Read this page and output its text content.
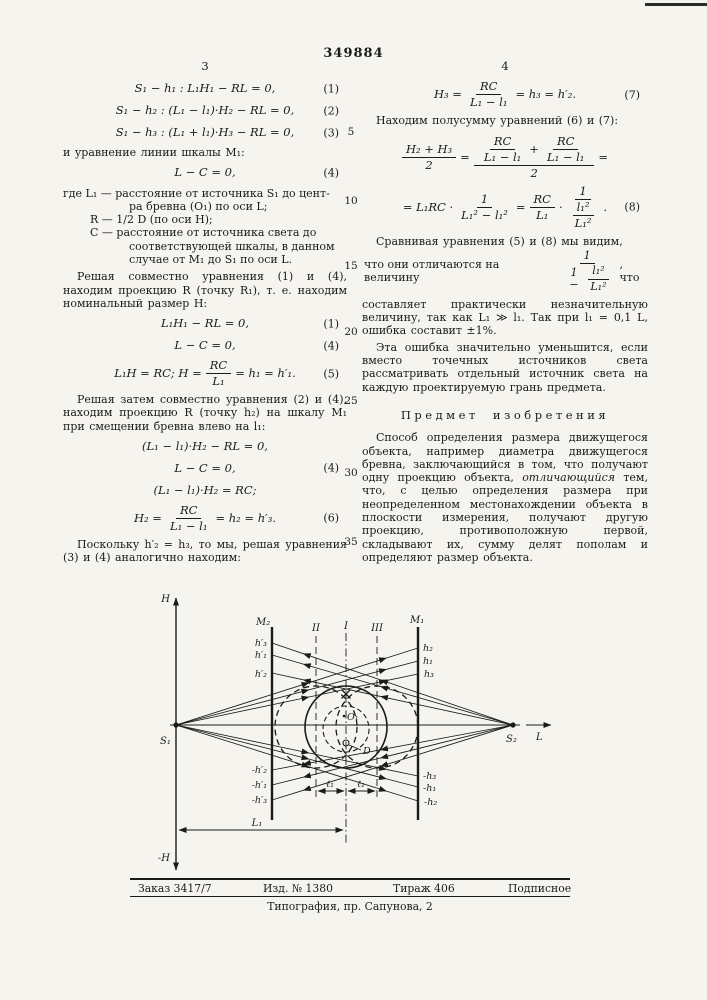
349884
5
10
15
20
25
30
35
3
S₁ − h₁ : L₁H₁ − RL = 0,	(1)
S₁ − h₂ : (L₁ − l₁)·H₂ − RL = 0,	(2)
S₁ − h₃ : (L₁ + l₁)·H₃ − RL = 0,	(3)

и уравнение линии шкалы M₁:

L − C = 0,	(4)
где L₁ — расстояние от источника S₁ до цент-
ра бревна (O₁) по оси L;
R — 1/2 D (по оси H);
C — расстояние от источника света до
соответствующей шкалы, в данном
случае от M₁ до S₁ по оси L.

Решая совместно уравнения (1) и (4), находим проекцию R (точку R₁), т. е. находим номинальный размер H:

L₁H₁ − RL = 0,	(1)
L − C = 0,	(4)
L₁H = RC; $H = \frac{RC}{\text{L₁}} = h_1 = h'_1$.	(5)

Решая затем совместно уравнения (2) и (4), находим проекцию R (точку h₂) на шкалу M₁ при смещении бревна влево на l₁:

(L₁ − l₁)·H₂ − RL = 0,
L − C = 0,	(4)
(L₁ − l₁)·H₂ = RC;
$H_2 = \frac{RC}{\text{L₁ − l₁}} = h_2 = h'_3$.	(6)

Поскольку h′₂ = h₃, то мы, решая уравнения (3) и (4) аналогично находим:

4
$H_3 = \frac{RC}{\text{L₁ − l₁}} = h_3 = h'_2$.	(7)

Находим полусумму уравнений (6) и (7):

$\frac{\text{H₂ + H₃}}{2} = \frac{\frac{RC}{\text{L₁ − l₁}} + \frac{RC}{\text{L₁ − l₁}}}{2}$ =
= $L_1RC \cdot \frac{1}{\text{L₁² − l₁²}} = \frac{RC}{\text{L₁}} \cdot \frac{1}{\frac{\text{l₁²}}{\text{L₁²}}}$ . (8)

Сравнивая уравнения (5) и (8) мы видим,

что они отличаются на величину	$\frac{1}{1 - \frac{\text{l₁²}}{\text{L₁²}}}$ , что

составляет практически незначительную величину, так как L₁ ≫ l₁. Так при l₁ = 0,1 L, ошибка составит ±1%.

Эта ошибка значительно уменьшится, если вместо точечных источников света рассматривать отдельный источник света на каждую проектируемую грань предмета.

Предмет изобретения

Способ определения размера движущегося объекта, например диаметра движущегося бревна, заключающийся в том, что получают одну проекцию объекта, отличающийся тем, что, с целью определения размера при неопределенном местонахождении объекта в плоскости измерения, получают другую проекцию, противоположную первой, складывают их, сумму делят пополам и определяют размер объекта.

H
-H
L
S₁	S₂
M₂	M₁
II I III
O₁
D
h′₃
h′₁
h′₂
-h′₂
-h′₁
-h′₃
h₂
h₁
h₃
-h₃
-h₁
-h₂
ℓ₁ ℓ₁
L₁
Заказ 3417/7	Изд. № 1380	Тираж 406	Подписное
Типография, пр. Сапунова, 2
